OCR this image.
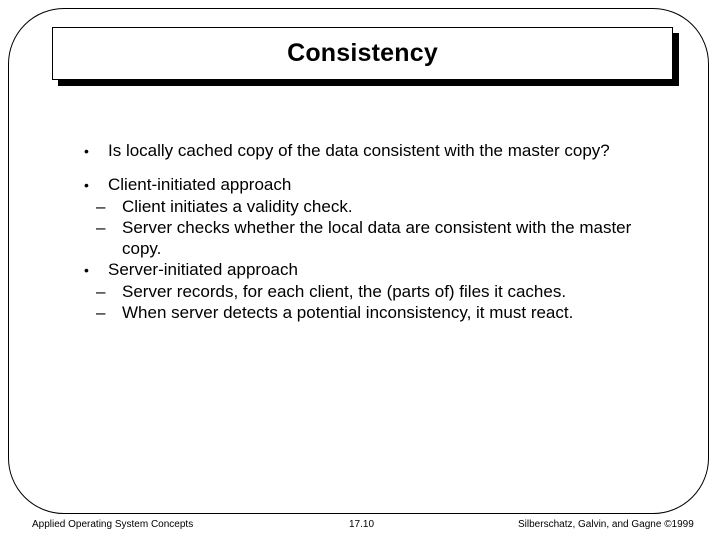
Consistency
• Is locally cached copy of the data consistent with the master copy?
• Client-initiated approach
– Client initiates a validity check.
– Server checks whether the local data are consistent with the master copy.
• Server-initiated approach
– Server records, for each client, the (parts of) files it caches.
– When server detects a potential inconsistency, it must react.
Applied Operating System Concepts	17.10	Silberschatz, Galvin, and Gagne ©1999
